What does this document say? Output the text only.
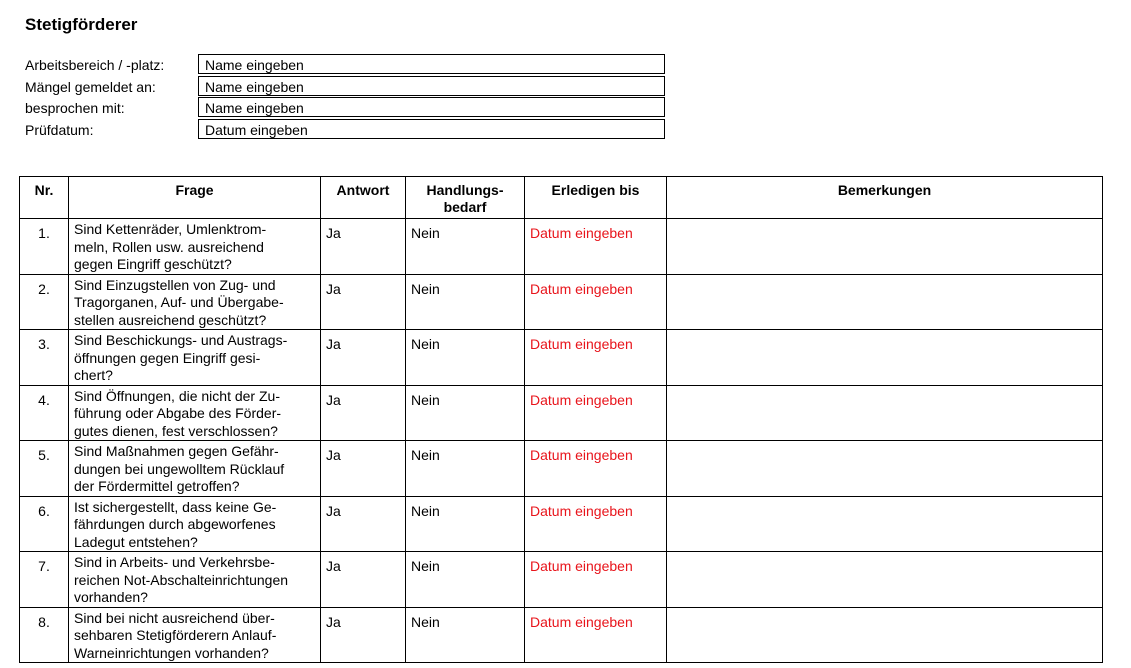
Stetigförderer
Arbeitsbereich / -platz:	Name eingeben
Mängel gemeldet an:	Name eingeben
besprochen mit:	Name eingeben
Prüfdatum:	Datum eingeben
Nr.	Frage	Antwort	Handlungs-
bedarf	Erledigen bis	Bemerkungen
1.	Sind Kettenräder, Umlenktrom-
meln, Rollen usw. ausreichend
gegen Eingriff geschützt?	Ja	Nein	Datum eingeben	
2.	Sind Einzugstellen von Zug- und
Tragorganen, Auf- und Übergabe-
stellen ausreichend geschützt?	Ja	Nein	Datum eingeben	
3.	Sind Beschickungs- und Austrags-
öffnungen gegen Eingriff gesi-
chert?	Ja	Nein	Datum eingeben	
4.	Sind Öffnungen, die nicht der Zu-
führung oder Abgabe des Förder-
gutes dienen, fest verschlossen?	Ja	Nein	Datum eingeben	
5.	Sind Maßnahmen gegen Gefähr-
dungen bei ungewolltem Rücklauf
der Fördermittel getroffen?	Ja	Nein	Datum eingeben	
6.	Ist sichergestellt, dass keine Ge-
fährdungen durch abgeworfenes
Ladegut entstehen?	Ja	Nein	Datum eingeben	
7.	Sind in Arbeits- und Verkehrsbe-
reichen Not-Abschalteinrichtungen
vorhanden?	Ja	Nein	Datum eingeben	
8.	Sind bei nicht ausreichend über-
sehbaren Stetigförderern Anlauf-
Warneinrichtungen vorhanden?	Ja	Nein	Datum eingeben	
